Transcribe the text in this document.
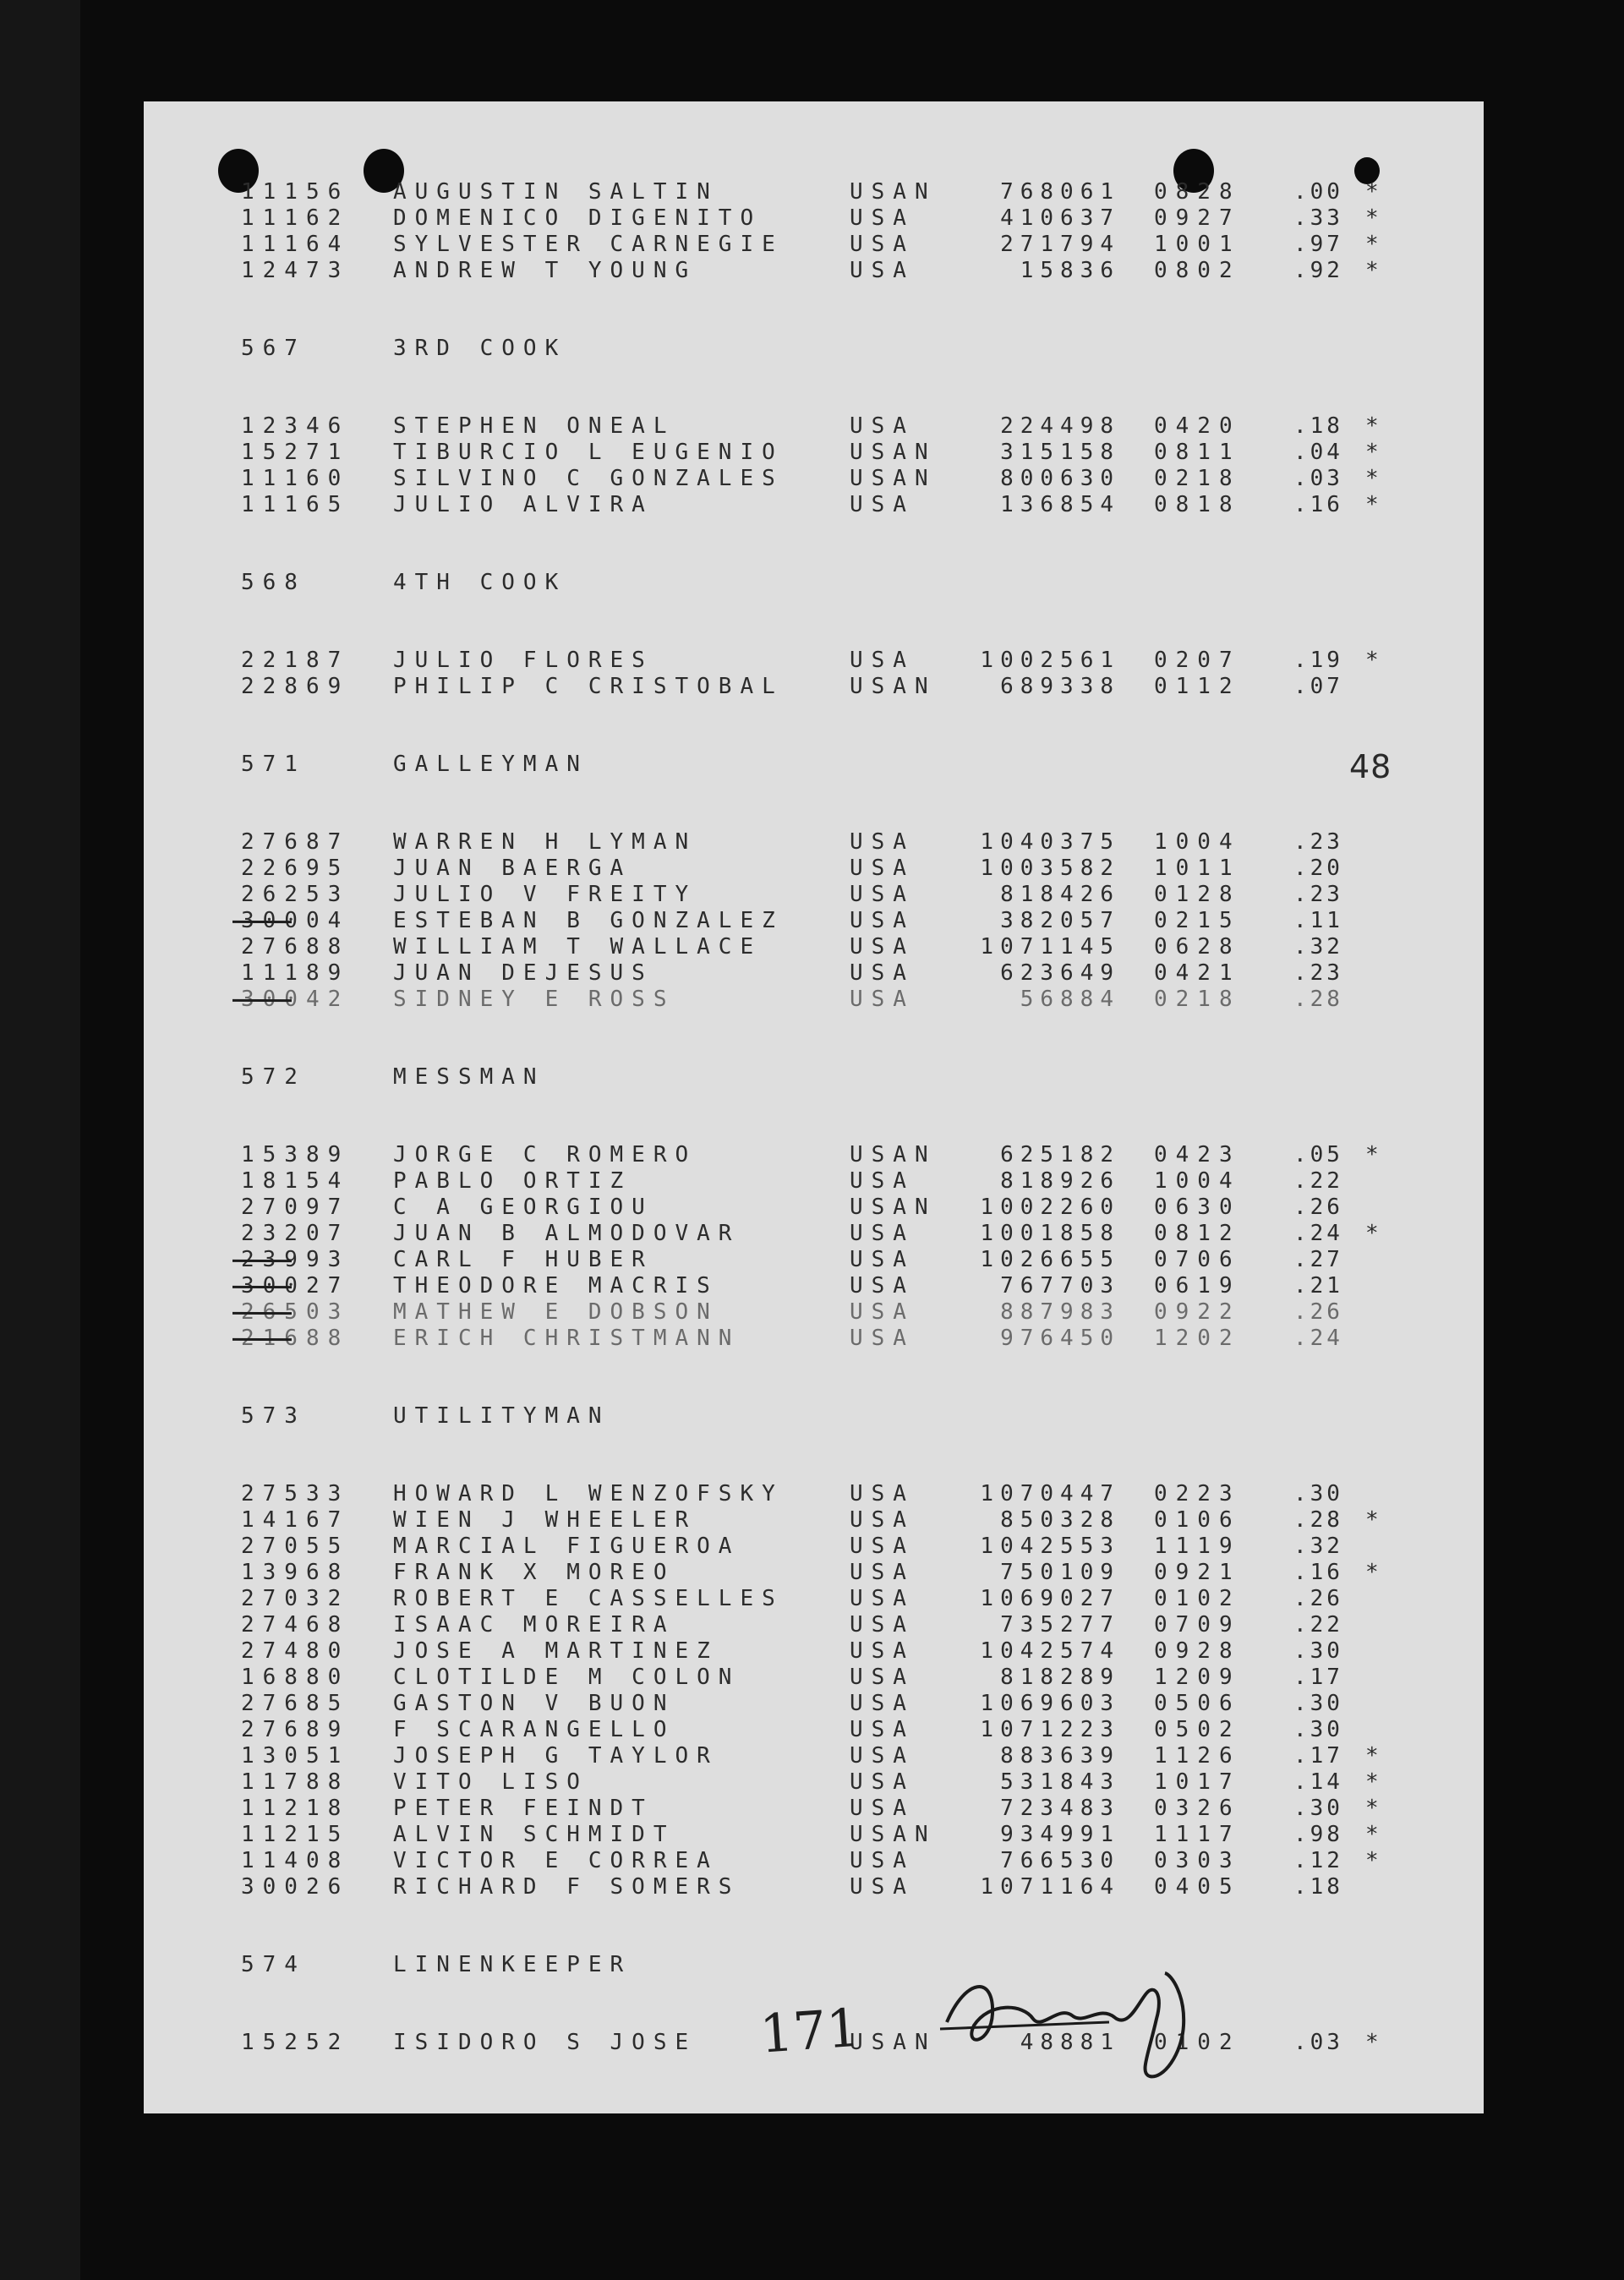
48
11156 AUGUSTIN SALTIN	USAN	768061 0828 .00 *
11162 DOMENICO DIGENITO	USA	410637 0927 .33 *
11164 SYLVESTER CARNEGIE	USA	271794 1001 .97 *
12473 ANDREW T YOUNG	USA	15836 0802 .92 *
567	3RD COOK
12346 STEPHEN ONEAL	USA	224498 0420 .18 *
15271 TIBURCIO L EUGENIO	USAN	315158 0811 .04 *
11160 SILVINO C GONZALES	USAN	800630 0218 .03 *
11165 JULIO ALVIRA	USA	136854 0818 .16 *
568	4TH COOK
22187 JULIO FLORES	USA	1002561 0207 .19 *
22869 PHILIP C CRISTOBAL	USAN	689338 0112 .07
571	GALLEYMAN
27687 WARREN H LYMAN	USA	1040375 1004 .23
22695 JUAN BAERGA	USA	1003582 1011 .20
26253 JULIO V FREITY	USA	818426 0128 .23
30004 ESTEBAN B GONZALEZ	USA	382057 0215 .11
27688 WILLIAM T WALLACE	USA	1071145 0628 .32
11189 JUAN DEJESUS	USA	623649 0421 .23
30042 SIDNEY E ROSS	USA	56884 0218 .28
572	MESSMAN
15389 JORGE C ROMERO	USAN	625182 0423 .05 *
18154 PABLO ORTIZ	USA	818926 1004 .22
27097 C A GEORGIOU	USAN	1002260 0630 .26
23207 JUAN B ALMODOVAR	USA	1001858 0812 .24 *
23993 CARL F HUBER	USA	1026655 0706 .27
30027 THEODORE MACRIS	USA	767703 0619 .21
26503 MATHEW E DOBSON	USA	887983 0922 .26
21688 ERICH CHRISTMANN	USA	976450 1202 .24
573	UTILITYMAN
27533 HOWARD L WENZOFSKY	USA	1070447 0223 .30
14167 WIEN J WHEELER	USA	850328 0106 .28 *
27055 MARCIAL FIGUEROA	USA	1042553 1119 .32
13968 FRANK X MOREO	USA	750109 0921 .16 *
27032 ROBERT E CASSELLES	USA	1069027 0102 .26
27468 ISAAC MOREIRA	USA	735277 0709 .22
27480 JOSE A MARTINEZ	USA	1042574 0928 .30
16880 CLOTILDE M COLON	USA	818289 1209 .17
27685 GASTON V BUON	USA	1069603 0506 .30
27689 F SCARANGELLO	USA	1071223 0502 .30
13051 JOSEPH G TAYLOR	USA	883639 1126 .17 *
11788 VITO LISO	USA	531843 1017 .14 *
11218 PETER FEINDT	USA	723483 0326 .30 *
11215 ALVIN SCHMIDT	USAN	934991 1117 .98 *
11408 VICTOR E CORREA	USA	766530 0303 .12 *
30026 RICHARD F SOMERS	USA	1071164 0405 .18
574	LINENKEEPER
15252 ISIDORO S JOSE	USAN	48881 0102 .03 *
171
